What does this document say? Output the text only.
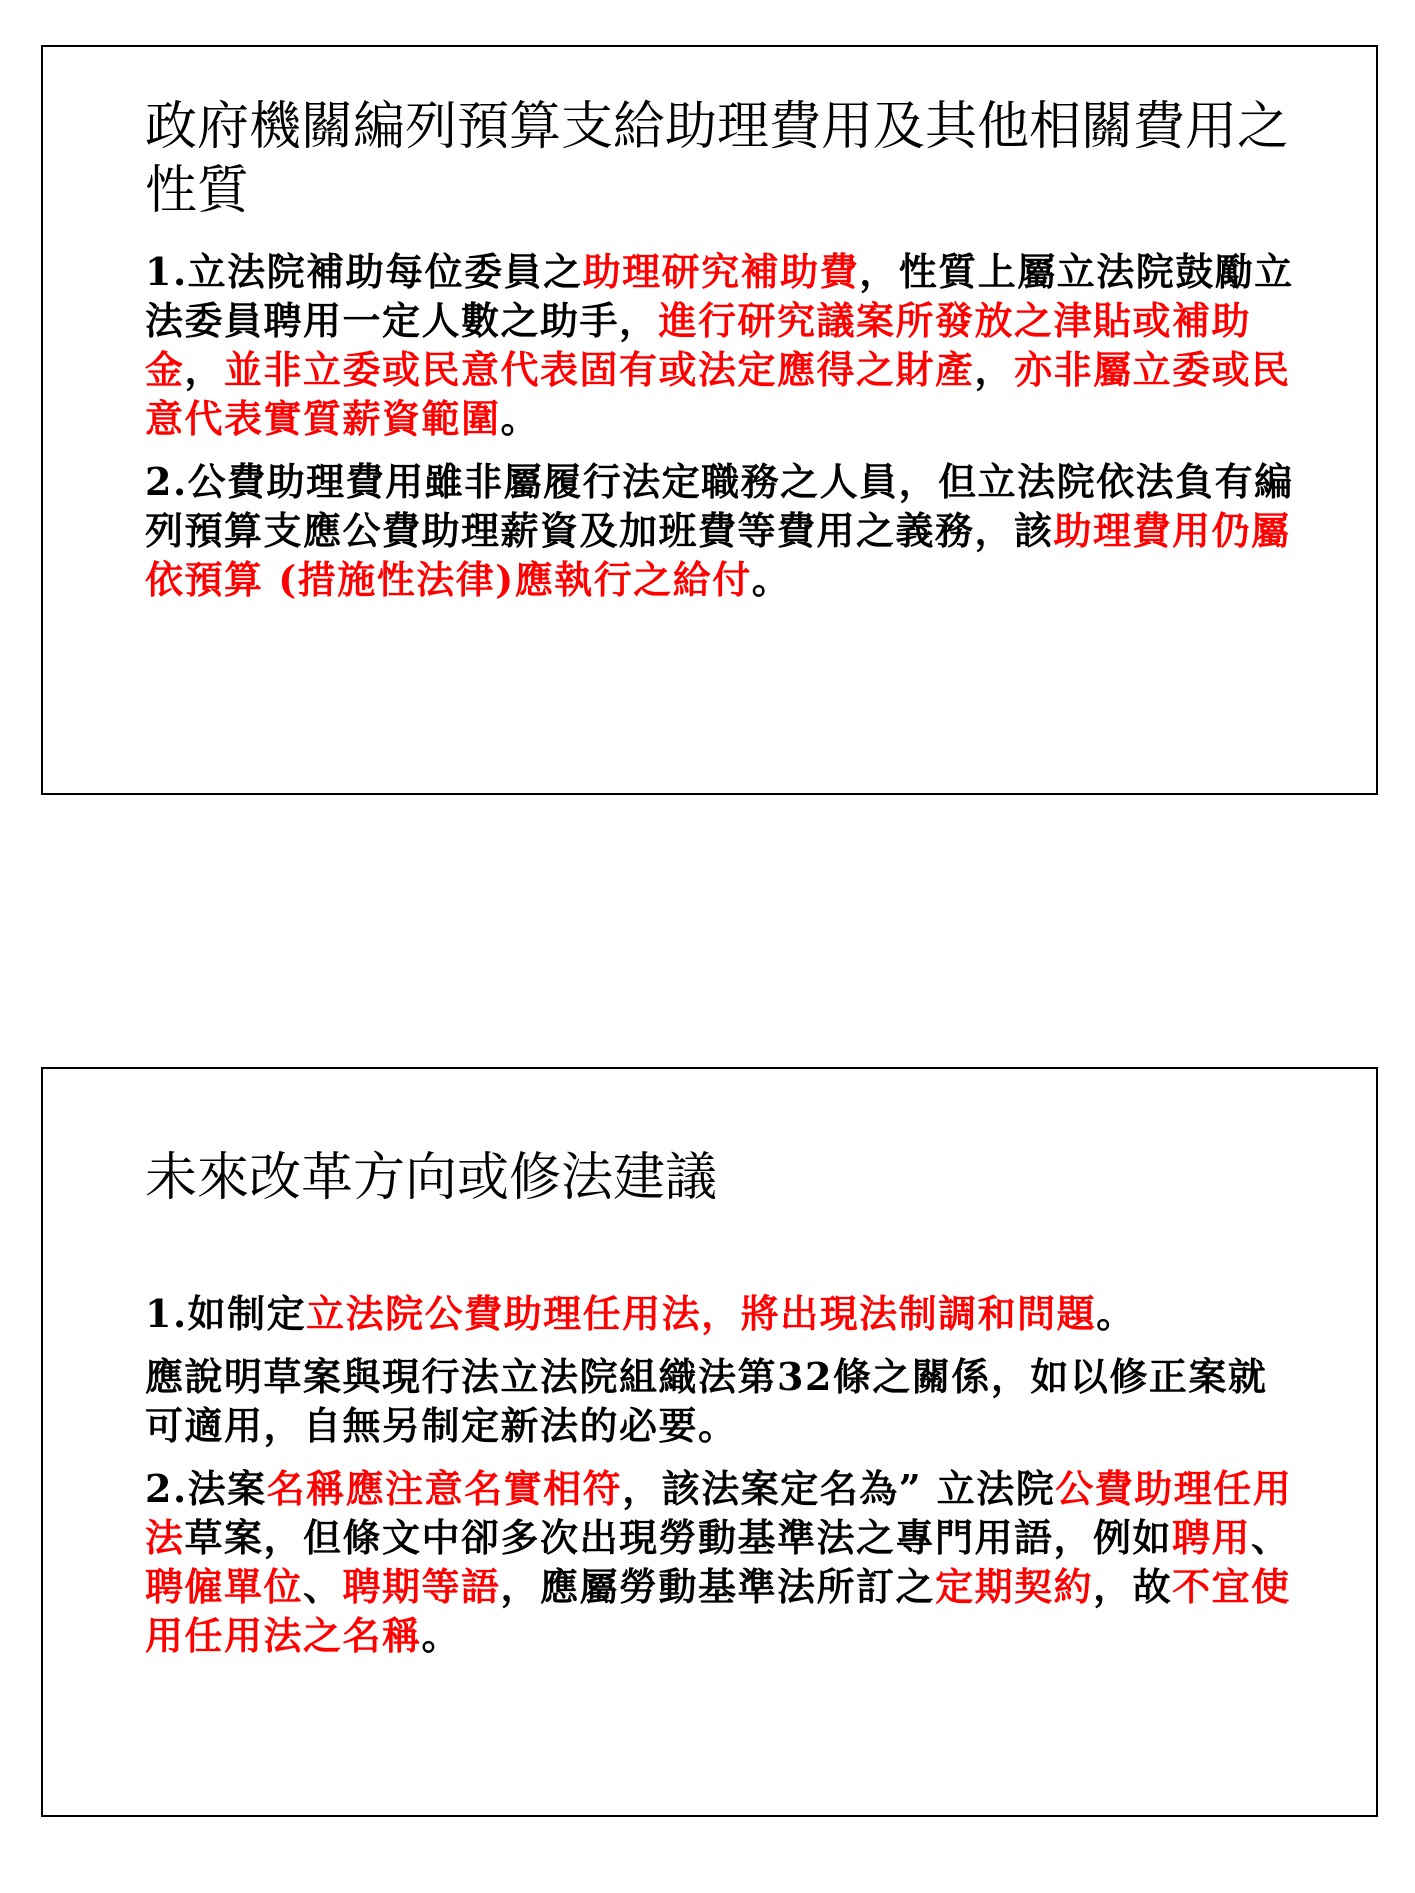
政府機關編列預算支給助理費用及其他相關費用之性質

1.立法院補助每位委員之助理研究補助費，性質上屬立法院鼓勵立法委員聘用一定人數之助手，進行研究議案所發放之津貼或補助金，並非立委或民意代表固有或法定應得之財產，亦非屬立委或民意代表實質薪資範圍。

2.公費助理費用雖非屬履行法定職務之人員，但立法院依法負有編列預算支應公費助理薪資及加班費等費用之義務，該助理費用仍屬依預算 (措施性法律)應執行之給付。

未來改革方向或修法建議

1.如制定立法院公費助理任用法，將出現法制調和問題。

應說明草案與現行法立法院組織法第32條之關係，如以修正案就可適用，自無另制定新法的必要。

2.法案名稱應注意名實相符，該法案定名為” 立法院公費助理任用法草案，但條文中卻多次出現勞動基準法之專門用語，例如聘用、聘僱單位、聘期等語，應屬勞動基準法所訂之定期契約，故不宜使用任用法之名稱。
